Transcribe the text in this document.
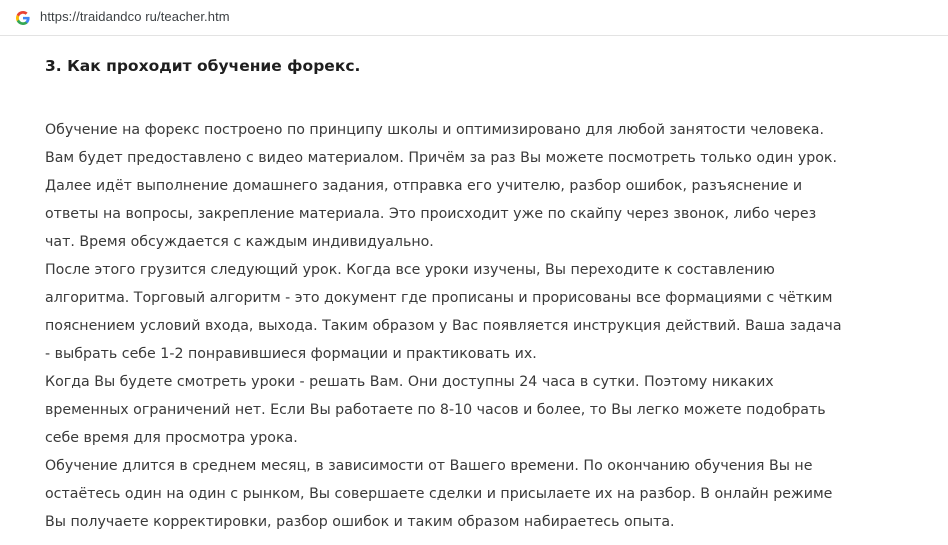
https://traidandco ru/teacher.htm
3. Как проходит обучение форекс.

Обучение на форекс построено по принципу школы и оптимизировано для любой занятости человека.
Вам будет предоставлено с видео материалом. Причём за раз Вы можете посмотреть только один урок.
Далее идёт выполнение домашнего задания, отправка его учителю, разбор ошибок, разъяснение и
ответы на вопросы, закрепление материала. Это происходит уже по скайпу через звонок, либо через
чат. Время обсуждается с каждым индивидуально.

После этого грузится следующий урок. Когда все уроки изучены, Вы переходите к составлению
алгоритма. Торговый алгоритм - это документ где прописаны и прорисованы все формациями с чётким
пояснением условий входа, выхода. Таким образом у Вас появляется инструкция действий. Ваша задача
- выбрать себе 1-2 понравившиеся формации и практиковать их.

Когда Вы будете смотреть уроки - решать Вам. Они доступны 24 часа в сутки. Поэтому никаких
временных ограничений нет. Если Вы работаете по 8-10 часов и более, то Вы легко можете подобрать
себе время для просмотра урока.

Обучение длится в среднем месяц, в зависимости от Вашего времени. По окончанию обучения Вы не
остаётесь один на один с рынком, Вы совершаете сделки и присылаете их на разбор. В онлайн режиме
Вы получаете корректировки, разбор ошибок и таким образом набираетесь опыта.
